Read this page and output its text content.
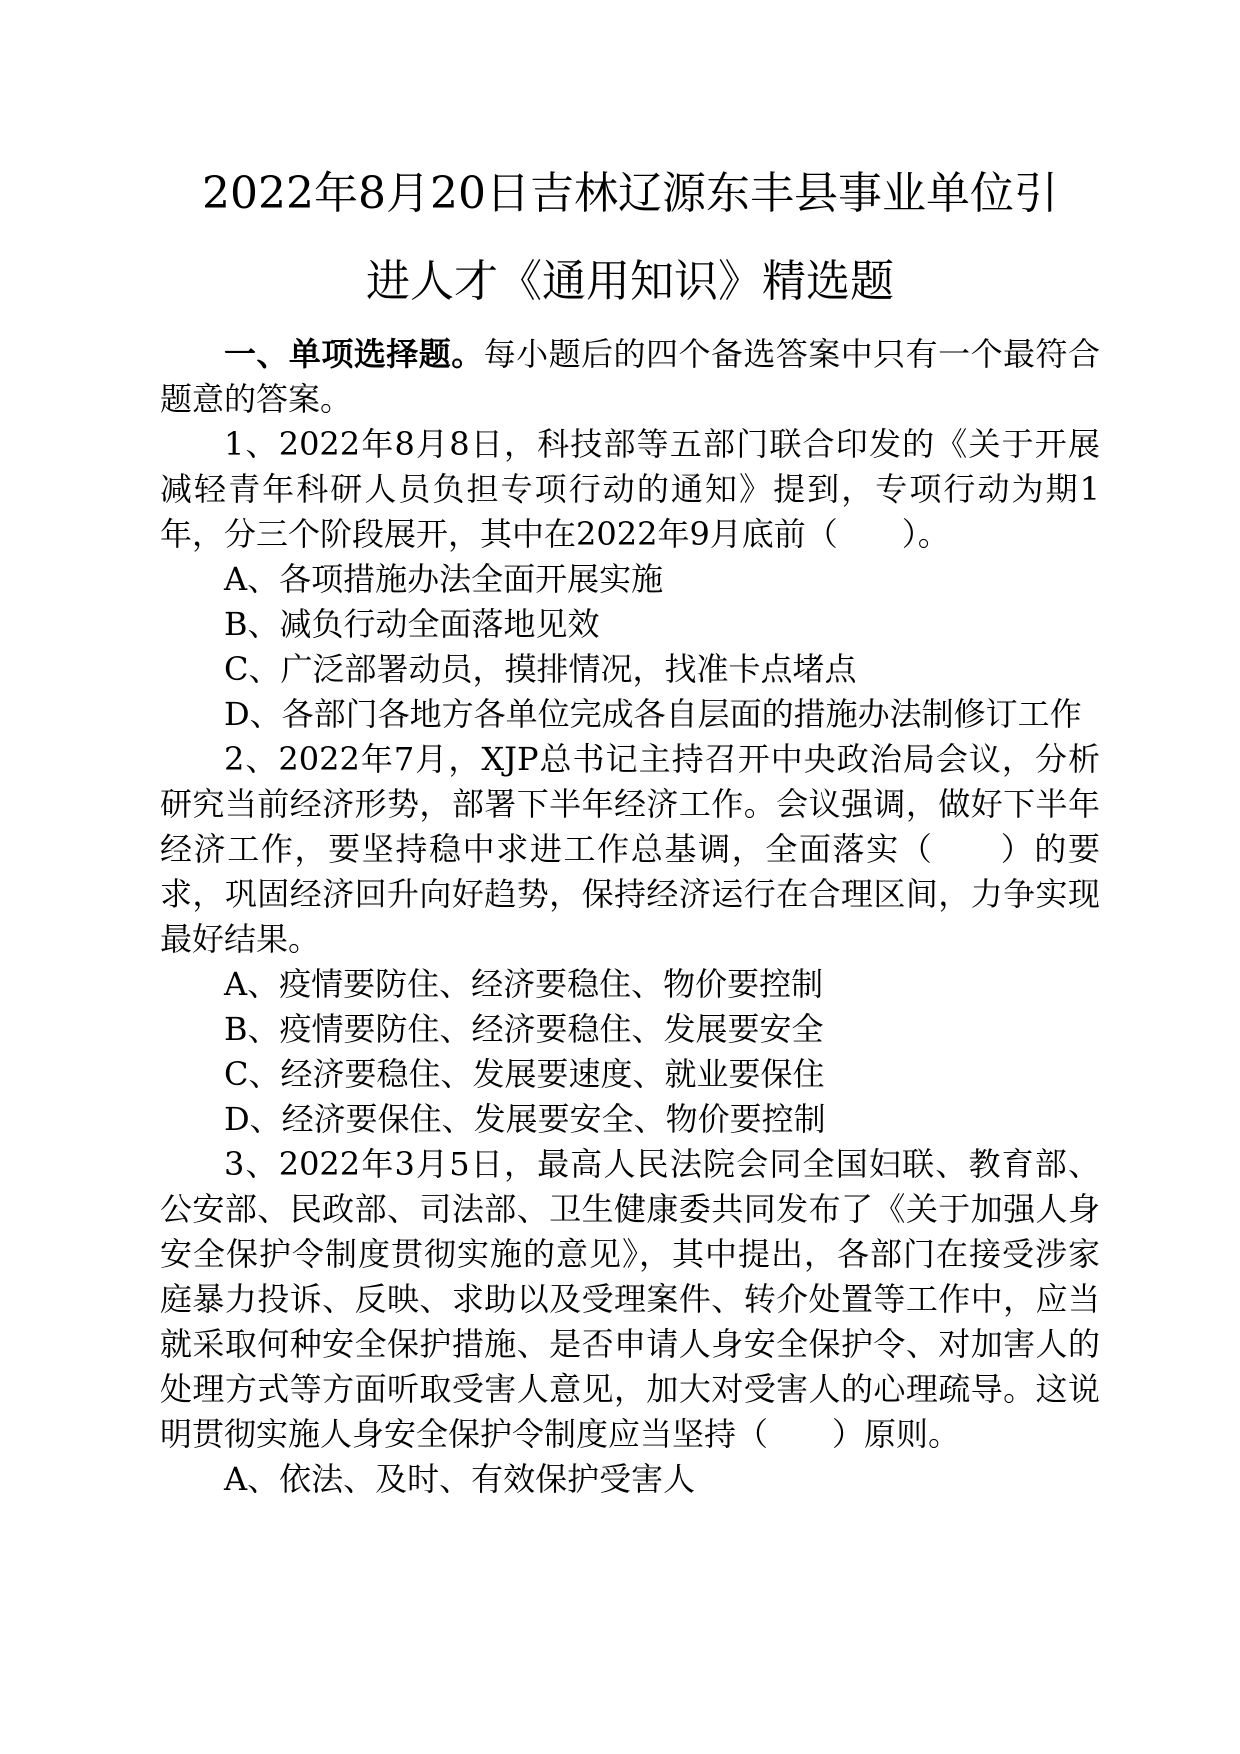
2022年8月20日吉林辽源东丰县事业单位引
进人才《通用知识》精选题

一、单项选择题。每小题后的四个备选答案中只有一个最符合题意的答案。

1、2022年8月8日，科技部等五部门联合印发的《关于开展减轻青年科研人员负担专项行动的通知》提到，专项行动为期1年，分三个阶段展开，其中在2022年9月底前（　　）。

A、各项措施办法全面开展实施

B、减负行动全面落地见效

C、广泛部署动员，摸排情况，找准卡点堵点

D、各部门各地方各单位完成各自层面的措施办法制修订工作

2、2022年7月，XJP总书记主持召开中央政治局会议，分析研究当前经济形势，部署下半年经济工作。会议强调，做好下半年经济工作，要坚持稳中求进工作总基调，全面落实（　　）的要求，巩固经济回升向好趋势，保持经济运行在合理区间，力争实现最好结果。

A、疫情要防住、经济要稳住、物价要控制

B、疫情要防住、经济要稳住、发展要安全

C、经济要稳住、发展要速度、就业要保住

D、经济要保住、发展要安全、物价要控制

3、2022年3月5日，最高人民法院会同全国妇联、教育部、公安部、民政部、司法部、卫生健康委共同发布了《关于加强人身安全保护令制度贯彻实施的意见》，其中提出，各部门在接受涉家庭暴力投诉、反映、求助以及受理案件、转介处置等工作中，应当就采取何种安全保护措施、是否申请人身安全保护令、对加害人的处理方式等方面听取受害人意见，加大对受害人的心理疏导。这说明贯彻实施人身安全保护令制度应当坚持（　　）原则。

A、依法、及时、有效保护受害人
